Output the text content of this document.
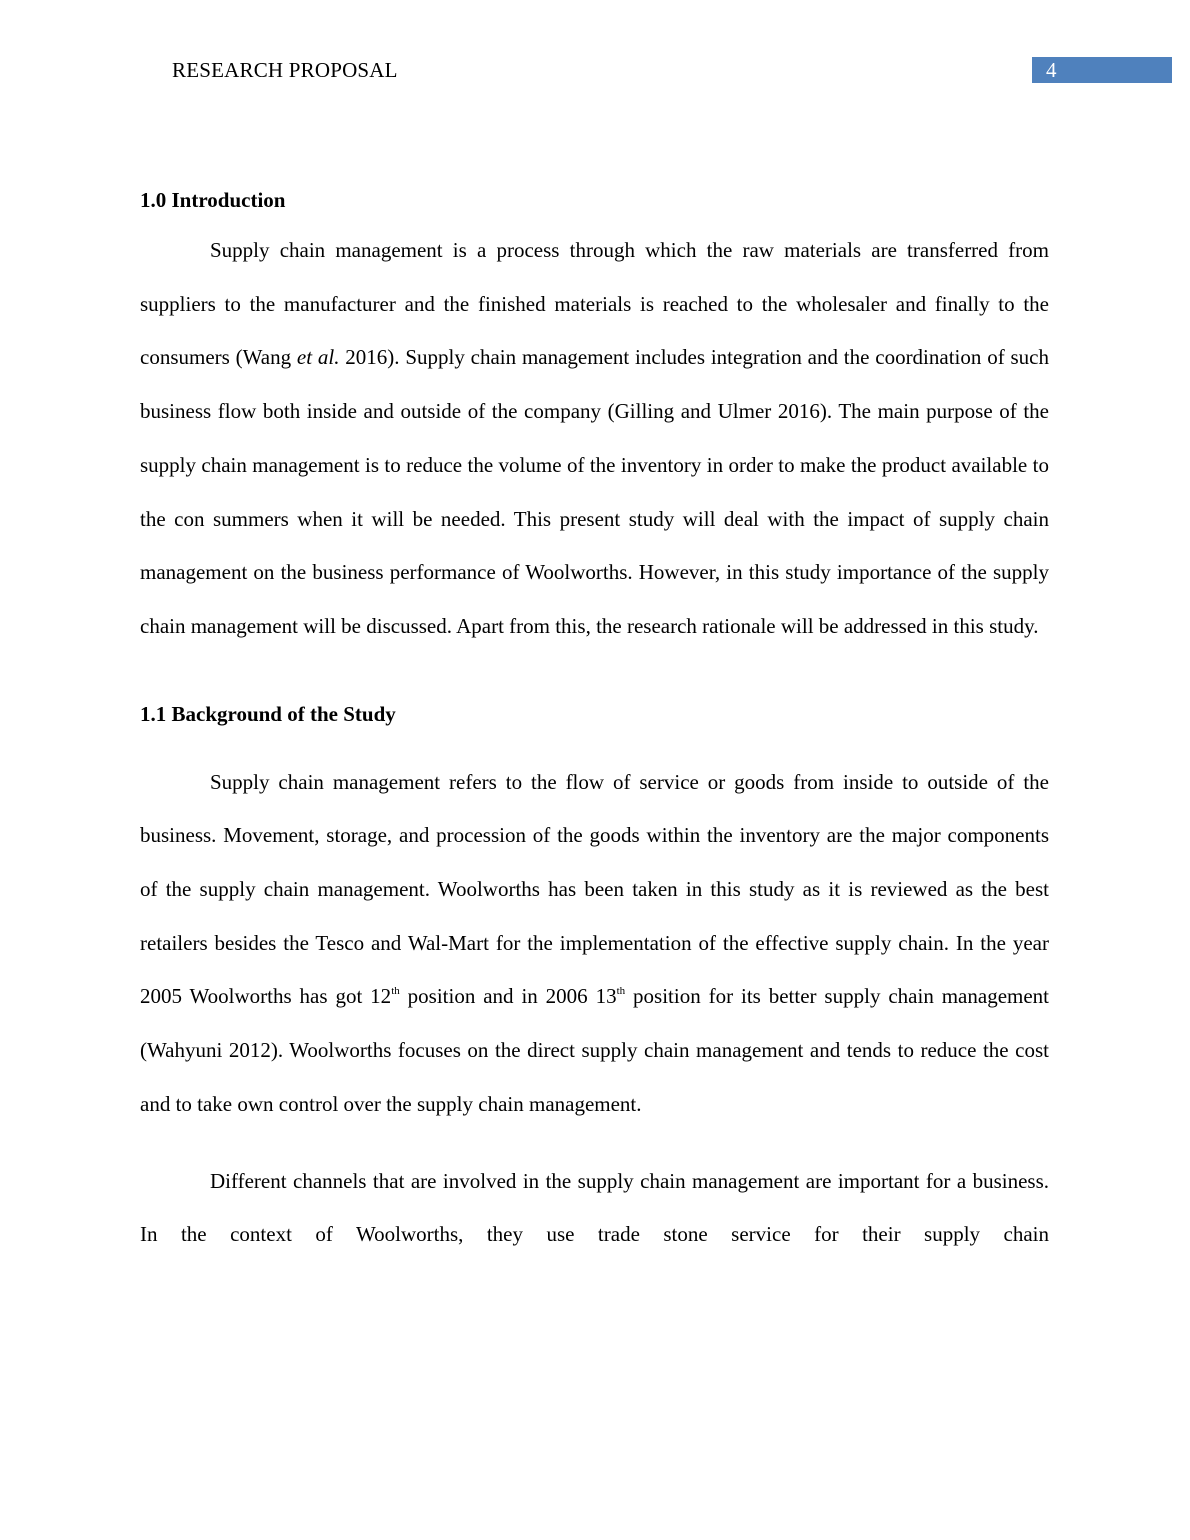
RESEARCH PROPOSAL	4
1.0 Introduction

Supply chain management is a process through which the raw materials are transferred from suppliers to the manufacturer and the finished materials is reached to the wholesaler and finally to the consumers (Wang et al. 2016). Supply chain management includes integration and the coordination of such business flow both inside and outside of the company (Gilling and Ulmer 2016). The main purpose of the supply chain management is to reduce the volume of the inventory in order to make the product available to the con summers when it will be needed. This present study will deal with the impact of supply chain management on the business performance of Woolworths. However, in this study importance of the supply chain management will be discussed. Apart from this, the research rationale will be addressed in this study.

1.1 Background of the Study

Supply chain management refers to the flow of service or goods from inside to outside of the business. Movement, storage, and procession of the goods within the inventory are the major components of the supply chain management. Woolworths has been taken in this study as it is reviewed as the best retailers besides the Tesco and Wal-Mart for the implementation of the effective supply chain. In the year 2005 Woolworths has got 12th position and in 2006 13th position for its better supply chain management (Wahyuni 2012). Woolworths focuses on the direct supply chain management and tends to reduce the cost and to take own control over the supply chain management.

Different channels that are involved in the supply chain management are important for a business. In the context of Woolworths, they use trade stone service for their supply chain
